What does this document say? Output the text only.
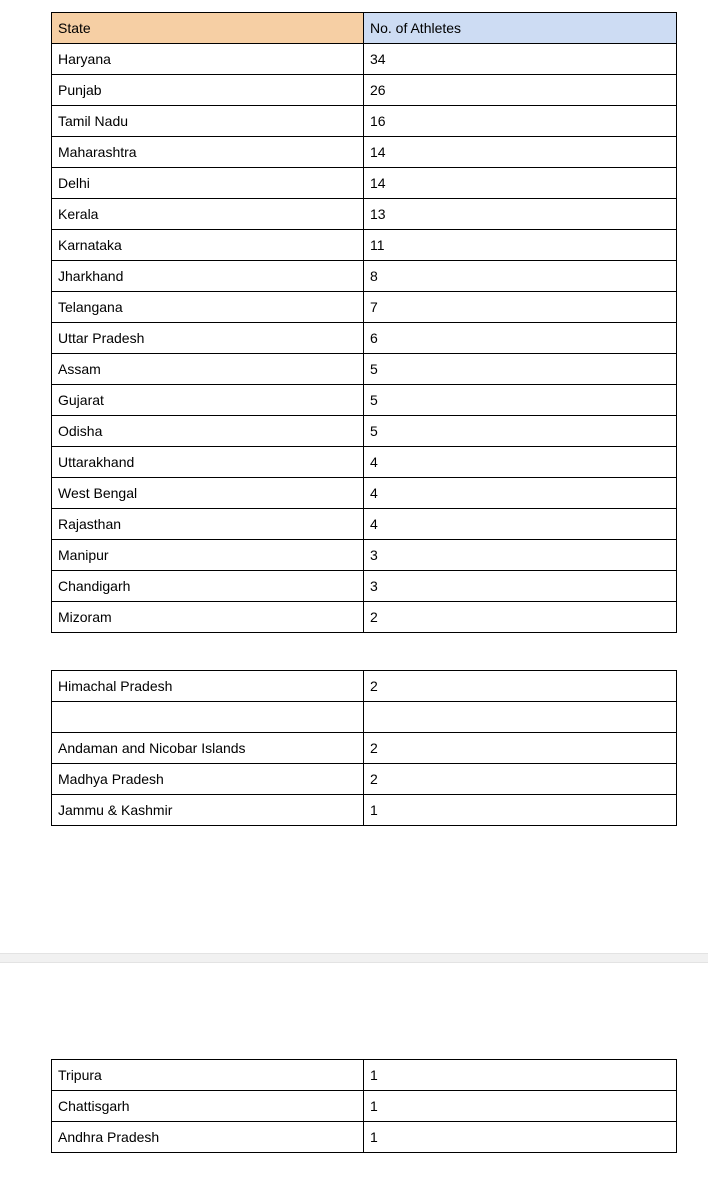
State	No. of Athletes
Haryana	34
Punjab	26
Tamil Nadu	16
Maharashtra	14
Delhi	14
Kerala	13
Karnataka	11
Jharkhand	8
Telangana	7
Uttar Pradesh	6
Assam	5
Gujarat	5
Odisha	5
Uttarakhand	4
West Bengal	4
Rajasthan	4
Manipur	3
Chandigarh	3
Mizoram	2
Himachal Pradesh	2

Andaman and Nicobar Islands	2
Madhya Pradesh	2
Jammu & Kashmir	1
Tripura	1
Chattisgarh	1
Andhra Pradesh	1
